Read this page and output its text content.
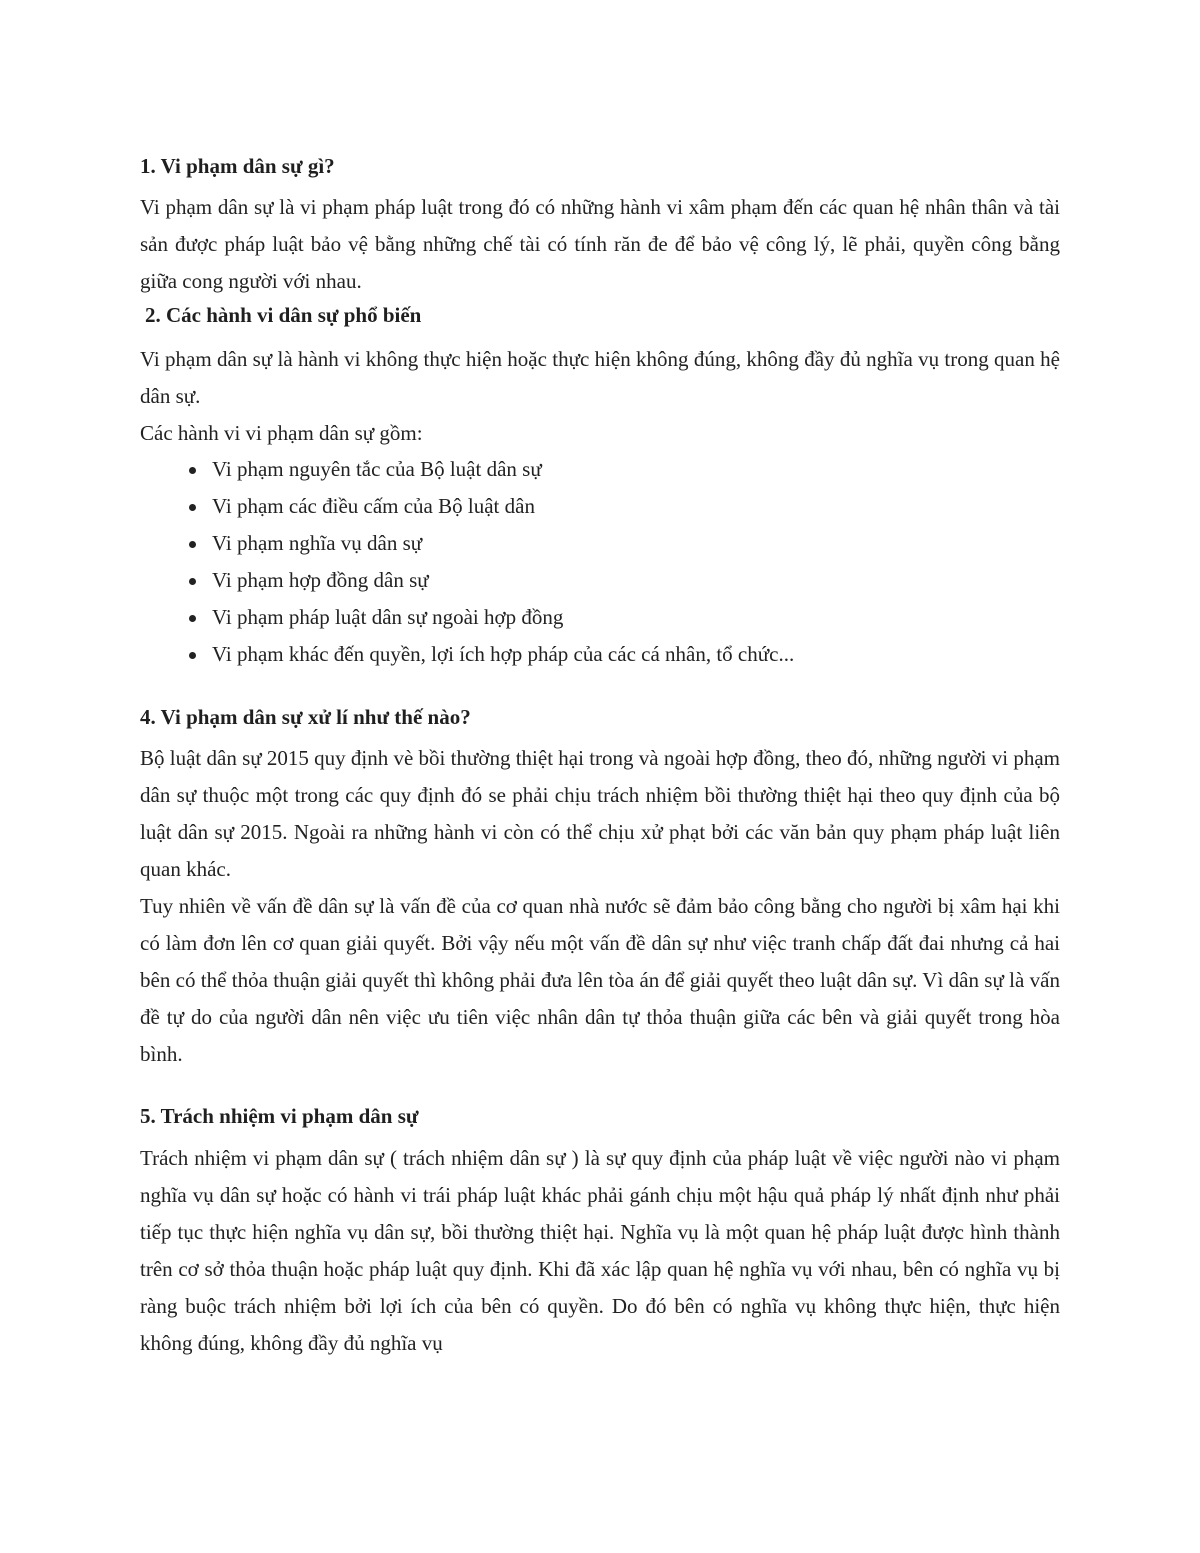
1. Vi phạm dân sự gì?

Vi phạm dân sự là vi phạm pháp luật trong đó có những hành vi xâm phạm đến các quan hệ nhân thân và tài sản được pháp luật bảo vệ bằng những chế tài có tính răn đe để bảo vệ công lý, lẽ phải, quyền công bằng giữa cong người với nhau.

2. Các hành vi dân sự phổ biến

Vi phạm dân sự là hành vi không thực hiện hoặc thực hiện không đúng, không đầy đủ nghĩa vụ trong quan hệ dân sự.

Các hành vi vi phạm dân sự gồm:

Vi phạm nguyên tắc của Bộ luật dân sự
Vi phạm các điều cấm của Bộ luật dân
Vi phạm nghĩa vụ dân sự
Vi phạm hợp đồng dân sự
Vi phạm pháp luật dân sự ngoài hợp đồng
Vi phạm khác đến quyền, lợi ích hợp pháp của các cá nhân, tổ chức...
4. Vi phạm dân sự xử lí như thế nào?

Bộ luật dân sự 2015 quy định vè bồi thường thiệt hại trong và ngoài hợp đồng, theo đó, những người vi phạm dân sự thuộc một trong các quy định đó se phải chịu trách nhiệm bồi thường thiệt hại theo quy định của bộ luật dân sự 2015. Ngoài ra những hành vi còn có thể chịu xử phạt bởi các văn bản quy phạm pháp luật liên quan khác.

Tuy nhiên về vấn đề dân sự là vấn đề của cơ quan nhà nước sẽ đảm bảo công bằng cho người bị xâm hại khi có làm đơn lên cơ quan giải quyết. Bởi vậy nếu một vấn đề dân sự như việc tranh chấp đất đai nhưng cả hai bên có thể thỏa thuận giải quyết thì không phải đưa lên tòa án để giải quyết theo luật dân sự. Vì dân sự là vấn đề tự do của người dân nên việc ưu tiên việc nhân dân tự thỏa thuận giữa các bên và giải quyết trong hòa bình.

5. Trách nhiệm vi phạm dân sự

Trách nhiệm vi phạm dân sự ( trách nhiệm dân sự ) là sự quy định của pháp luật về việc người nào vi phạm nghĩa vụ dân sự hoặc có hành vi trái pháp luật khác phải gánh chịu một hậu quả pháp lý nhất định như phải tiếp tục thực hiện nghĩa vụ dân sự, bồi thường thiệt hại. Nghĩa vụ là một quan hệ pháp luật được hình thành trên cơ sở thỏa thuận hoặc pháp luật quy định. Khi đã xác lập quan hệ nghĩa vụ với nhau, bên có nghĩa vụ bị ràng buộc trách nhiệm bởi lợi ích của bên có quyền. Do đó bên có nghĩa vụ không thực hiện, thực hiện không đúng, không đầy đủ nghĩa vụ
